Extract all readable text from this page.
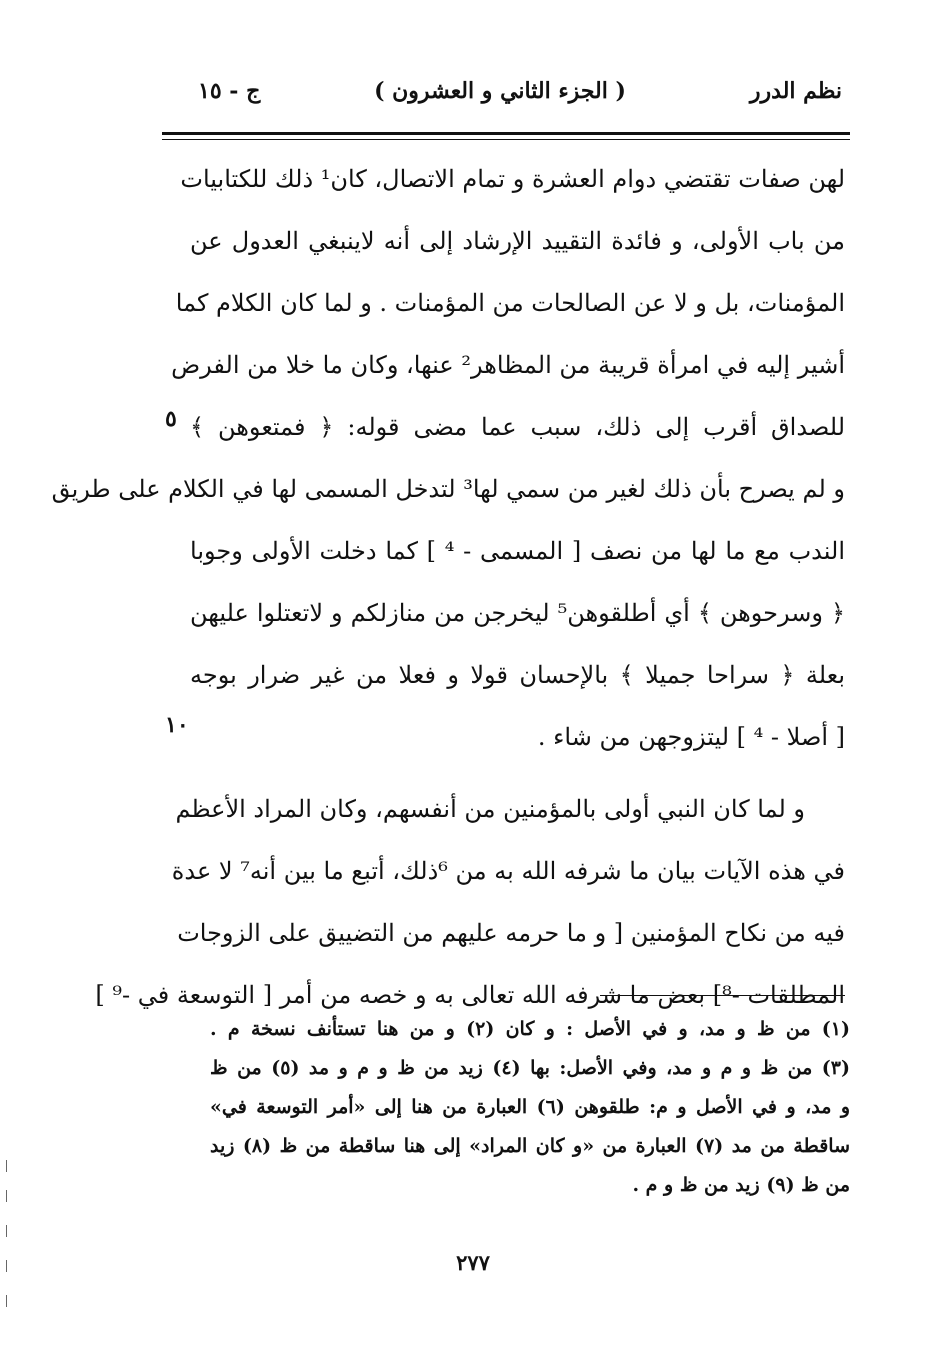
نظم الدرر
( الجزء الثاني و العشرون )
ج - ١٥
لهن صفات تقتضي دوام العشرة و تمام الاتصال، كان¹ ذلك للكتابيات
من باب الأولى، و فائدة التقييد الإرشاد إلى أنه لاينبغي العدول عن
المؤمنات، بل و لا عن الصالحات من المؤمنات . و لما كان الكلام كما
أشير إليه في امرأة قريبة من المظاهر² عنها، وكان ما خلا من الفرض
للصداق أقرب إلى ذلك، سبب عما مضى قوله: ﴿ فمتعوهن ﴾
و لم يصرح بأن ذلك لغير من سمي لها³ لتدخل المسمى لها في الكلام على طريق
الندب مع ما لها من نصف [ المسمى - ⁴ ] كما دخلت الأولى وجوبا
﴿ وسرحوهن ﴾ أي أطلقوهن⁵ ليخرجن من منازلكم و لاتعتلوا عليهن
بعلة ﴿ سراحا جميلا ﴾ بالإحسان قولا و فعلا من غير ضرار بوجه
[ أصلا - ⁴ ] ليتزوجهن من شاء .
و لما كان النبي أولى بالمؤمنين من أنفسهم، وكان المراد الأعظم
في هذه الآيات بيان ما شرفه الله به من ⁶ذلك، أتبع ما بين أنه⁷ لا عدة
فيه من نكاح المؤمنين [ و ما حرمه عليهم من التضييق على الزوجات
المطلقات -⁸] بعض ما شرفه الله تعالى به و خصه من أمر [ التوسعة في -⁹ ]
٥
١٠
(١) من ظ و مد، و في الأصل : و كان (٢) و من هنا تستأنف نسخة م .
(٣) من ظ و م و مد، وفي الأصل: بها (٤) زيد من ظ و م و مد (٥) من ظ
و مد، و في الأصل و م: طلقوهن (٦) العبارة من هنا إلى «أمر التوسعة في»
ساقطة من مد (٧) العبارة من «و كان المراد» إلى هنا ساقطة من ظ (٨) زيد
من ظ (٩) زيد من ظ و م .
٢٧٧
